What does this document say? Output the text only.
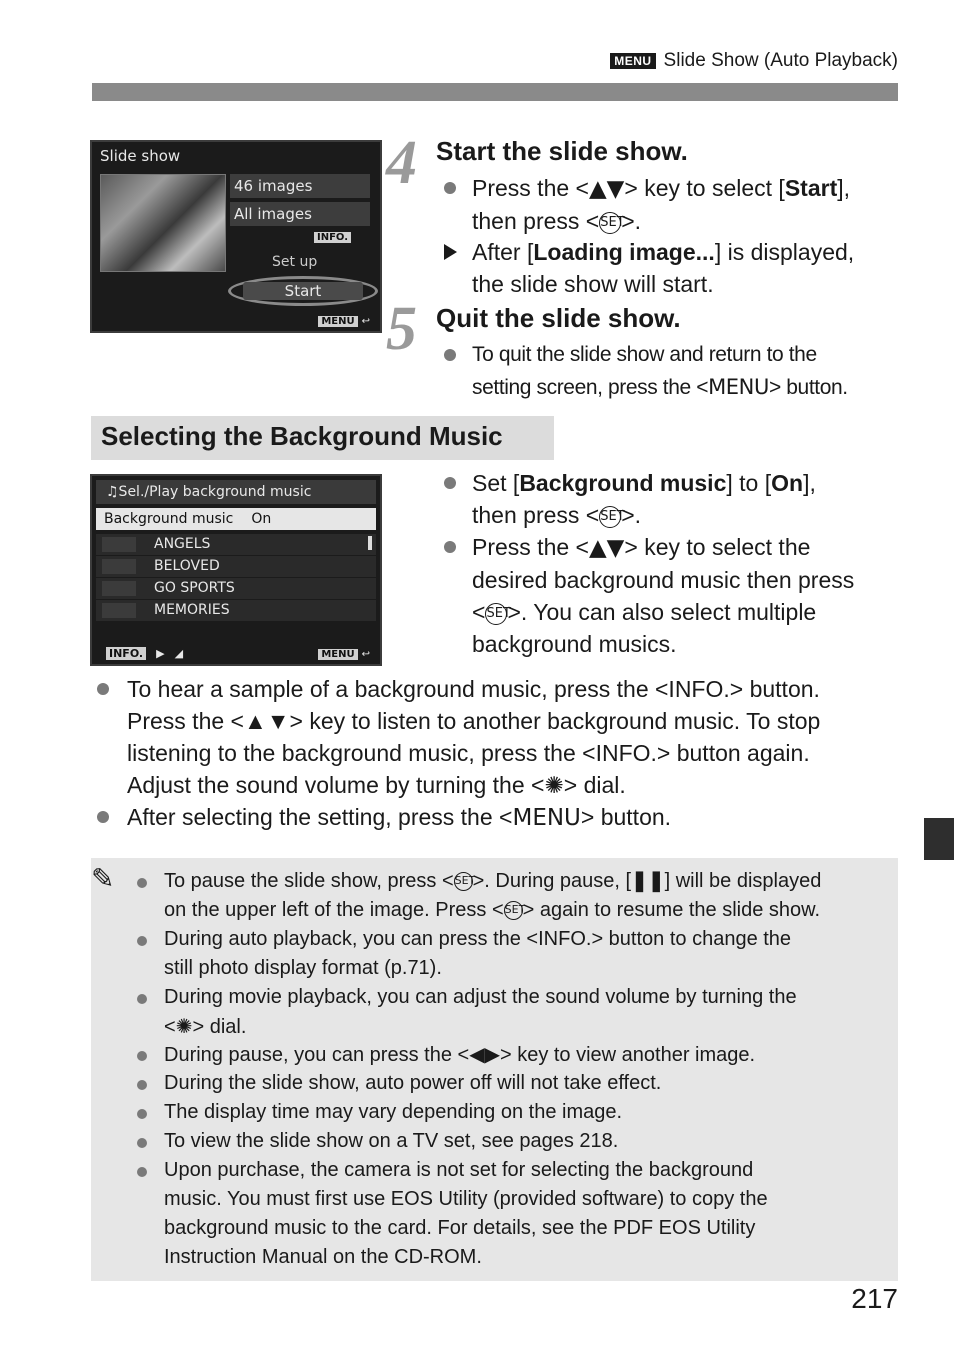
MENU Slide Show (Auto Playback)
Slide show
46 images
All images
INFO.
Set up
Start
MENU ↩
4 Start the slide show.
Press the <▲▼> key to select [Start],
then press <SET>.
After [Loading image...] is displayed,
the slide show will start.
5 Quit the slide show.
To quit the slide show and return to the
setting screen, press the <MENU> button.
Selecting the Background Music
♫Sel./Play background music
Background music On
ANGELS
BELOVED
GO SPORTS
MEMORIES
INFO. ▶ ◢	MENU ↩
Set [Background music] to [On],
then press <SET>.
Press the <▲▼> key to select the
desired background music then press
<SET>. You can also select multiple
background musics.
To hear a sample of a background music, press the <INFO.> button.
Press the <▲▼> key to listen to another background music. To stop
listening to the background music, press the <INFO.> button again.
Adjust the sound volume by turning the <✺> dial.
After selecting the setting, press the <MENU> button.
✎ To pause the slide show, press <SET>. During pause, [❚❚] will be displayed
on the upper left of the image. Press <SET> again to resume the slide show.
During auto playback, you can press the <INFO.> button to change the
still photo display format (p.71).
During movie playback, you can adjust the sound volume by turning the
<✺> dial.
During pause, you can press the <◀▶> key to view another image.
During the slide show, auto power off will not take effect.
The display time may vary depending on the image.
To view the slide show on a TV set, see pages 218.
Upon purchase, the camera is not set for selecting the background
music. You must first use EOS Utility (provided software) to copy the
background music to the card. For details, see the PDF EOS Utility
Instruction Manual on the CD-ROM.
217
